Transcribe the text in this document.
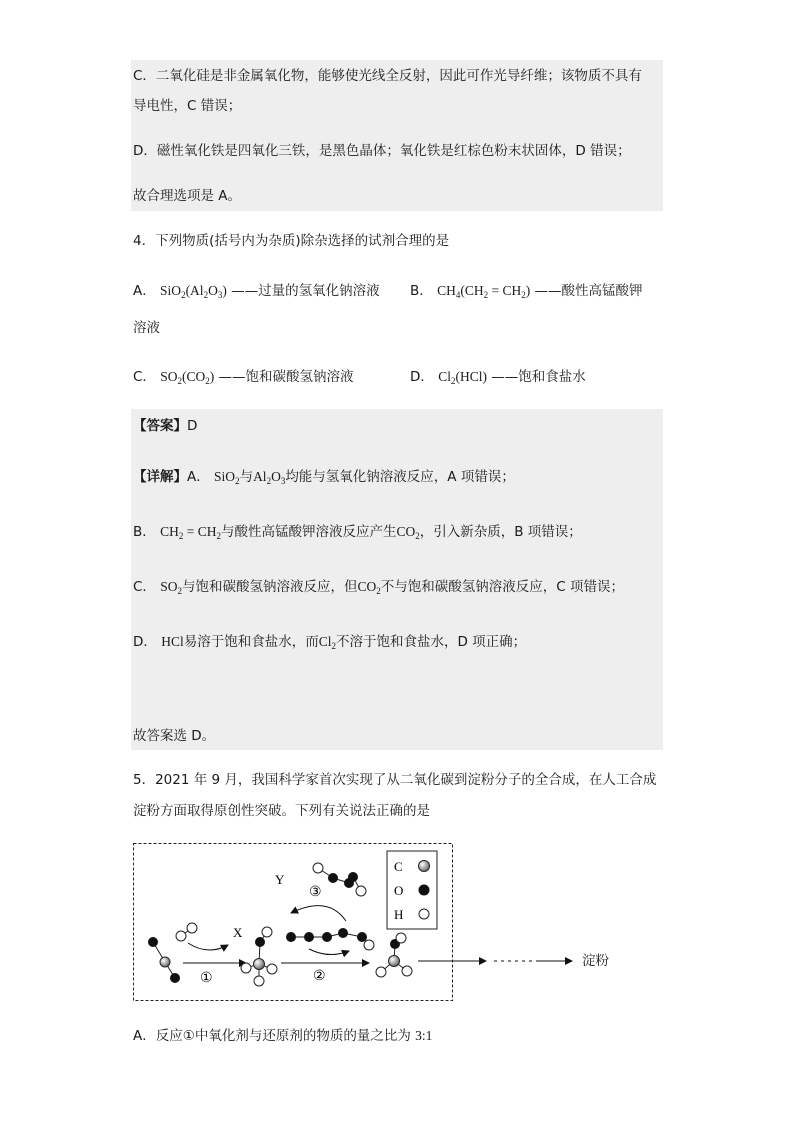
C．二氧化硅是非金属氧化物，能够使光线全反射，因此可作光导纤维；该物质不具有
导电性，C 错误；
D．磁性氧化铁是四氧化三铁，是黑色晶体；氧化铁是红棕色粉末状固体，D 错误；
故合理选项是 A。
4．下列物质(括号内为杂质)除杂选择的试剂合理的是
A． $SiO_2(Al_2O_3)$ ——过量的氢氧化钠溶液 B． $CH_4(CH_2 = CH_2)$ ——酸性高锰酸钾
溶液
C． $SO_2(CO_2)$ ——饱和碳酸氢钠溶液	D． $Cl_2(HCl)$ ——饱和食盐水
【答案】D
【详解】A． SiO$_2$与$Al_2O_3$均能与氢氧化钠溶液反应，A 项错误；
B． $CH_2 = CH_2$与酸性高锰酸钾溶液反应产生$CO_2$，引入新杂质，B 项错误；
C． $SO_2$与饱和碳酸氢钠溶液反应，但$CO_2$不与饱和碳酸氢钠溶液反应，C 项错误；
D． HCl易溶于饱和食盐水，而$Cl_2$不溶于饱和食盐水，D 项正确；
故答案选 D。
5．2021 年 9 月，我国科学家首次实现了从二氧化碳到淀粉分子的全合成，在人工合成
淀粉方面取得原创性突破。下列有关说法正确的是
C
O
H
X
①	②
③
Y
淀粉
A．反应①中氧化剂与还原剂的物质的量之比为 3:1
